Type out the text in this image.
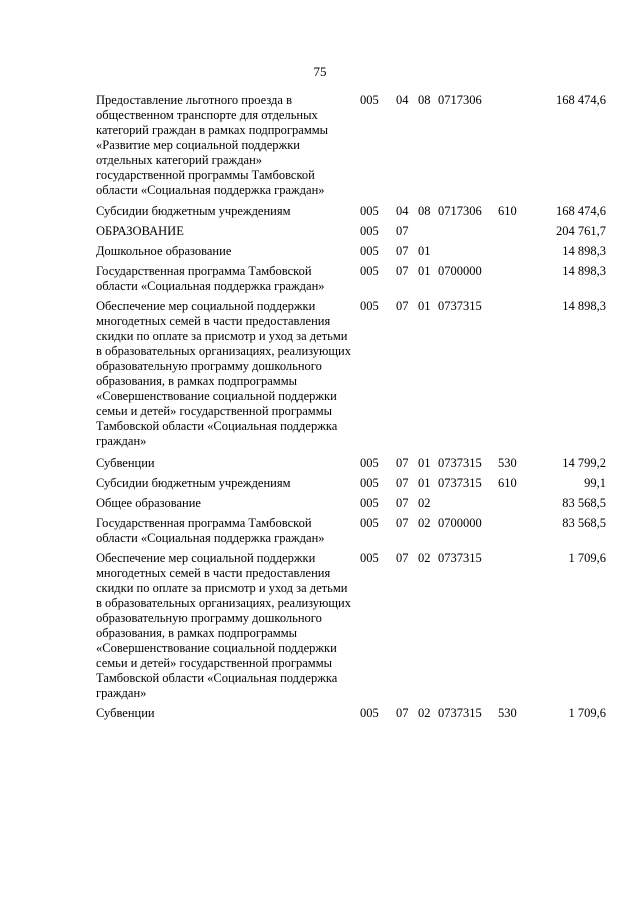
75
Предоставление льготного проезда в общественном транспорте для отдельных категорий граждан в рамках подпрограммы «Развитие мер социальной поддержки отдельных категорий граждан» государственной программы Тамбовской области «Социальная поддержка граждан»
005 04 08 0717306	168 474,6
Субсидии бюджетным учреждениям	005 04 08 0717306 610	168 474,6
ОБРАЗОВАНИЕ	005 07	204 761,7
Дошкольное образование	005 07 01	14 898,3
Государственная программа Тамбовской области «Социальная поддержка граждан»
005 07 01 0700000	14 898,3
Обеспечение мер социальной поддержки многодетных семей в части предоставления скидки по оплате за присмотр и уход за детьми в образовательных организациях, реализующих образовательную программу дошкольного образования, в рамках подпрограммы «Совершенствование социальной поддержки семьи и детей» государственной программы Тамбовской области «Социальная поддержка граждан»
005 07 01 0737315	14 898,3
Субвенции	005 07 01 0737315 530	14 799,2
Субсидии бюджетным учреждениям	005 07 01 0737315 610	99,1
Общее образование	005 07 02	83 568,5
Государственная программа Тамбовской области «Социальная поддержка граждан»
005 07 02 0700000	83 568,5
Обеспечение мер социальной поддержки многодетных семей в части предоставления скидки по оплате за присмотр и уход за детьми в образовательных организациях, реализующих образовательную программу дошкольного образования, в рамках подпрограммы «Совершенствование социальной поддержки семьи и детей» государственной программы Тамбовской области «Социальная поддержка граждан»
005 07 02 0737315	1 709,6
Субвенции	005 07 02 0737315 530	1 709,6
